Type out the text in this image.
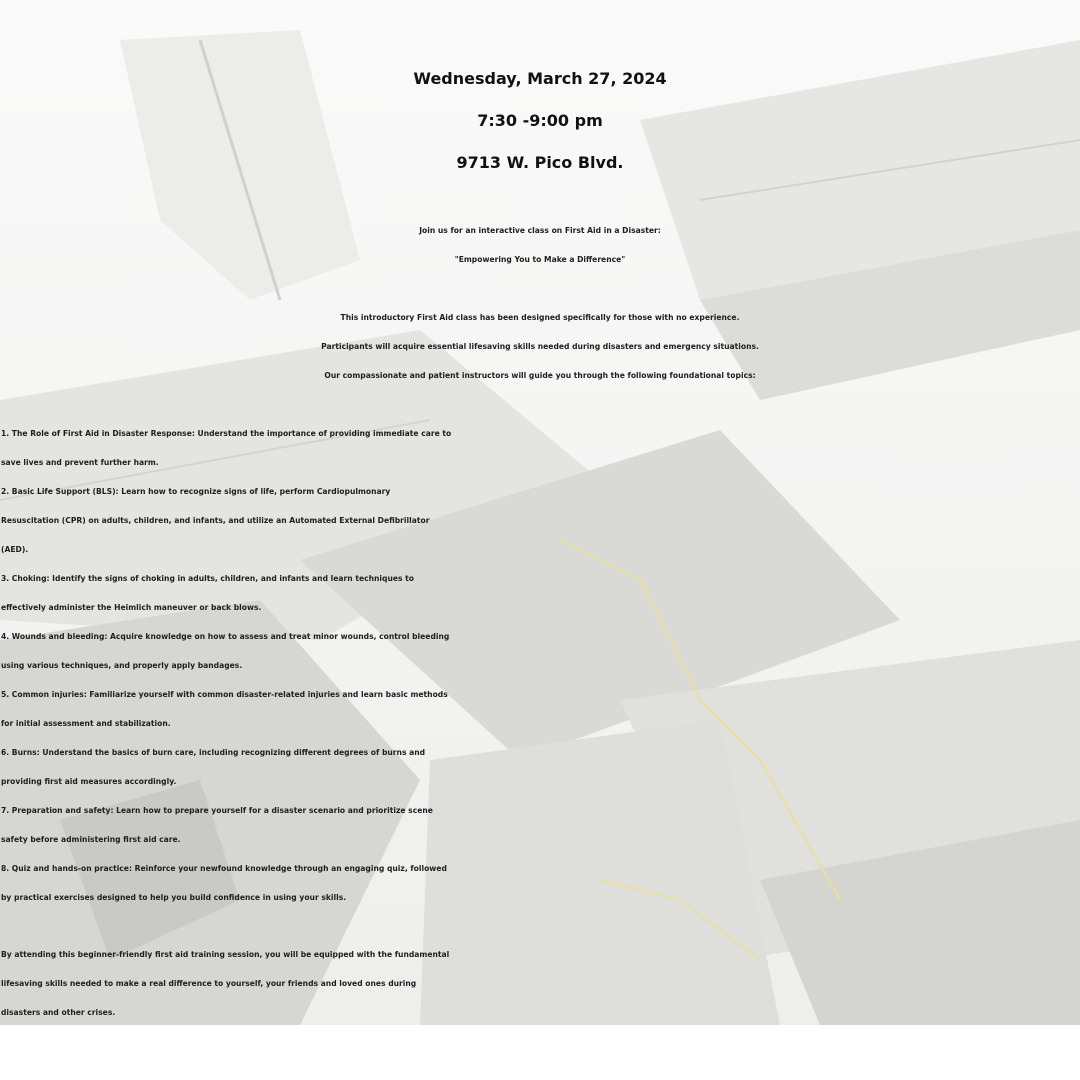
Wednesday, March 27, 2024
7:30 -9:00 pm
9713 W. Pico Blvd.
Join us for an interactive class on First Aid in a Disaster:
"Empowering You to Make a Difference"
This introductory First Aid class has been designed specifically for those with no experience.
Participants will acquire essential lifesaving skills needed during disasters and emergency situations.
Our compassionate and patient instructors will guide you through the following foundational topics:
1. The Role of First Aid in Disaster Response: Understand the importance of providing immediate care to
save lives and prevent further harm.
2. Basic Life Support (BLS): Learn how to recognize signs of life, perform Cardiopulmonary
Resuscitation (CPR) on adults, children, and infants, and utilize an Automated External Defibrillator
(AED).
3. Choking: Identify the signs of choking in adults, children, and infants and learn techniques to
effectively administer the Heimlich maneuver or back blows.
4. Wounds and bleeding: Acquire knowledge on how to assess and treat minor wounds, control bleeding
using various techniques, and properly apply bandages.
5. Common injuries: Familiarize yourself with common disaster-related injuries and learn basic methods
for initial assessment and stabilization.
6. Burns: Understand the basics of burn care, including recognizing different degrees of burns and
providing first aid measures accordingly.
7. Preparation and safety: Learn how to prepare yourself for a disaster scenario and prioritize scene
safety before administering first aid care.
8. Quiz and hands-on practice: Reinforce your newfound knowledge through an engaging quiz, followed
by practical exercises designed to help you build confidence in using your skills.
By attending this beginner-friendly first aid training session, you will be equipped with the fundamental
lifesaving skills needed to make a real difference to yourself, your friends and loved ones during
disasters and other crises.
